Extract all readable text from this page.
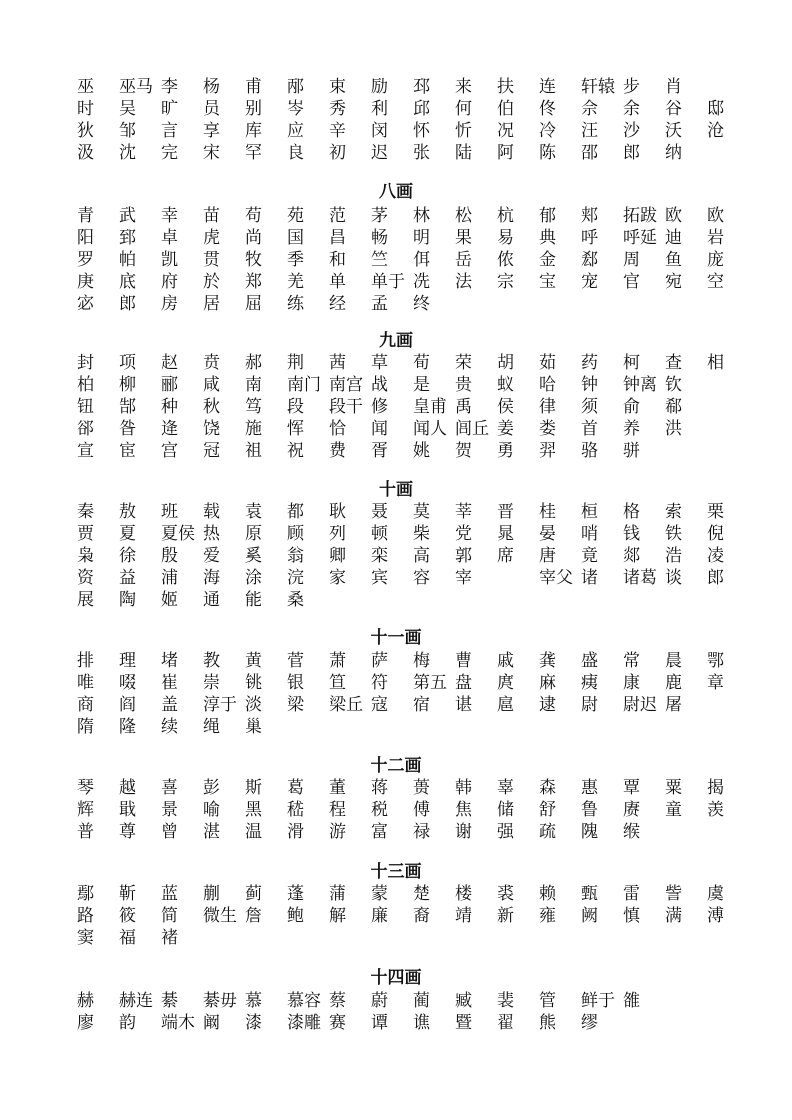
巫 巫马 李 杨 甫 邴 束 励 邳 来 扶 连 轩辕 步 肖
时 吴 旷 员 别 岑 秀 利 邱 何 伯 佟 佘 余 谷 邸
狄 邹 言 享 库 应 辛 闵 怀 忻 况 冷 汪 沙 沃 沧
汲 沈 完 宋 罕 良 初 迟 张 陆 阿 陈 邵 郎 纳
八画
青 武 幸 苗 苟 苑 范 茅 林 松 杭 郁 郏 拓跋 欧 欧
阳 郅 卓 虎 尚 国 昌 畅 明 果 易 典 呼 呼延 迪 岩
罗 帕 凯 贯 牧 季 和 竺 佴 岳 侬 金 郄 周 鱼 庞
庚 底 府 於 郑 羌 单 单于 冼 法 宗 宝 宠 官 宛 空
宓 郎 房 居 屈 练 经 孟 终
九画
封 项 赵 贲 郝 荆 茜 草 荀 荣 胡 茹 药 柯 查 相
柏 柳 郦 咸 南 南门 南宫 战 是 贵 蚁 哈 钟 钟离 钦
钮 郜 种 秋 笃 段 段干 修 皇甫 禹 侯 律 须 俞 郗
郤 昝 逄 饶 施 恽 恰 闻 闻人 闾丘 姜 娄 首 养 洪
宣 宦 宫 冠 祖 祝 费 胥 姚 贺 勇 羿 骆 骈
十画
秦 敖 班 载 袁 都 耿 聂 莫 莘 晋 桂 桓 格 索 栗
贾 夏 夏侯 热 原 顾 列 顿 柴 党 晁 晏 哨 钱 铁 倪
枭 徐 殷 爱 奚 翁 卿 栾 高 郭 席 唐 竟 郯 浩 凌
资 益 浦 海 涂 浣 家 宾 容 宰	宰父 诸 诸葛 谈 郎
展 陶 姬 通 能 桑
十一画
排 理 堵 教 黄 菅 萧 萨 梅 曹 戚 龚 盛 常 晨 鄂
唯 啜 崔 崇 铫 银 笪 符 第五 盘 庹 麻 痍 康 鹿 章
商 阎 盖 淳于 淡 梁 梁丘 寇 宿 谌 扈 逮 尉 尉迟 屠
隋 隆 续 绳 巢
十二画
琴 越 喜 彭 斯 葛 董 蒋 蒉 韩 辜 森 惠 覃 粟 揭
辉 戢 景 喻 黑 嵇 程 税 傅 焦 储 舒 鲁 赓 童 羡
普 尊 曾 湛 温 滑 游 富 禄 谢 强 疏 隗 缑
十三画
鄢 靳 蓝 蒯 蓟 蓬 蒲 蒙 楚 楼 裘 赖 甄 雷 訾 虞
路 筱 简 微生 詹 鲍 解 廉 裔 靖 新 雍 阙 慎 满 溥
窦 福 褚
十四画
赫 赫连 綦 綦毋 慕 慕容 蔡 蔚 蔺 臧 裴 管 鲜于 雒
廖 韵 端木 阚 漆 漆雕 赛 谭 谯 暨 翟 熊 缪
